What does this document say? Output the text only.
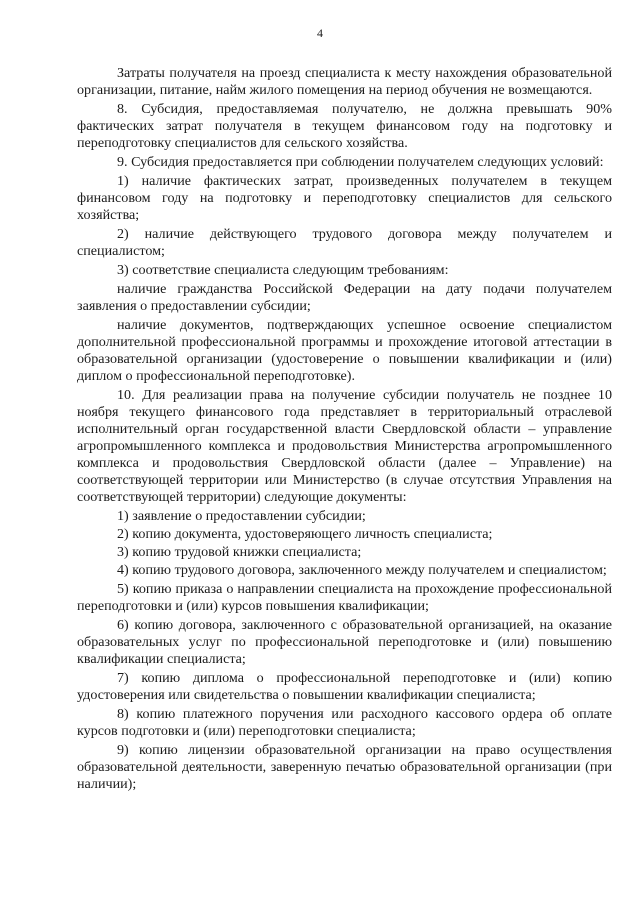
4

Затраты получателя на проезд специалиста к месту нахождения образовательной организации, питание, найм жилого помещения на период обучения не возмещаются.

8. Субсидия, предоставляемая получателю, не должна превышать 90% фактических затрат получателя в текущем финансовом году на подготовку и переподготовку специалистов для сельского хозяйства.

9. Субсидия предоставляется при соблюдении получателем следующих условий:

1) наличие фактических затрат, произведенных получателем в текущем финансовом году на подготовку и переподготовку специалистов для сельского хозяйства;

2) наличие действующего трудового договора между получателем и специалистом;

3) соответствие специалиста следующим требованиям:

наличие гражданства Российской Федерации на дату подачи получателем заявления о предоставлении субсидии;

наличие документов, подтверждающих успешное освоение специалистом дополнительной профессиональной программы и прохождение итоговой аттестации в образовательной организации (удостоверение о повышении квалификации и (или) диплом о профессиональной переподготовке).

10. Для реализации права на получение субсидии получатель не позднее 10 ноября текущего финансового года представляет в территориальный отраслевой исполнительный орган государственной власти Свердловской области – управление агропромышленного комплекса и продовольствия Министерства агропромышленного комплекса и продовольствия Свердловской области (далее – Управление) на соответствующей территории или Министерство (в случае отсутствия Управления на соответствующей территории) следующие документы:

1) заявление о предоставлении субсидии;

2) копию документа, удостоверяющего личность специалиста;

3) копию трудовой книжки специалиста;

4) копию трудового договора, заключенного между получателем и специалистом;

5) копию приказа о направлении специалиста на прохождение профессиональной переподготовки и (или) курсов повышения квалификации;

6) копию договора, заключенного с образовательной организацией, на оказание образовательных услуг по профессиональной переподготовке и (или) повышению квалификации специалиста;

7) копию диплома о профессиональной переподготовке и (или) копию удостоверения или свидетельства о повышении квалификации специалиста;

8) копию платежного поручения или расходного кассового ордера об оплате курсов подготовки и (или) переподготовки специалиста;

9) копию лицензии образовательной организации на право осуществления образовательной деятельности, заверенную печатью образовательной организации (при наличии);
